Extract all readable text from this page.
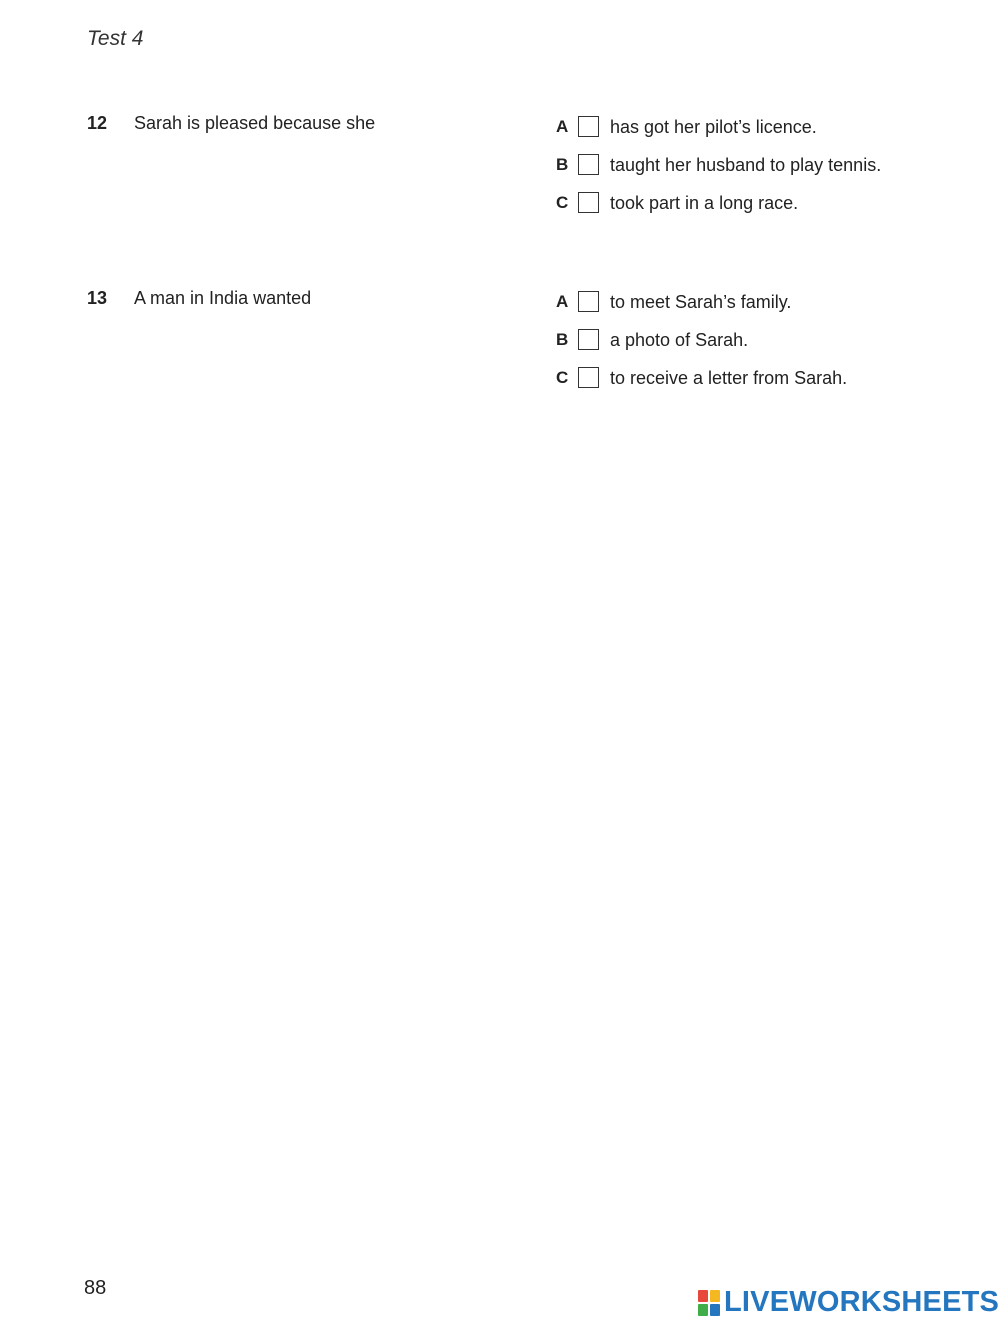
Test 4
12 Sarah is pleased because she	A	has got her pilot’s licence.
B	taught her husband to play tennis.
C	took part in a long race.
13 A man in India wanted	A	to meet Sarah’s family.
B	a photo of Sarah.
C	to receive a letter from Sarah.
88	LIVEWORKSHEETS
